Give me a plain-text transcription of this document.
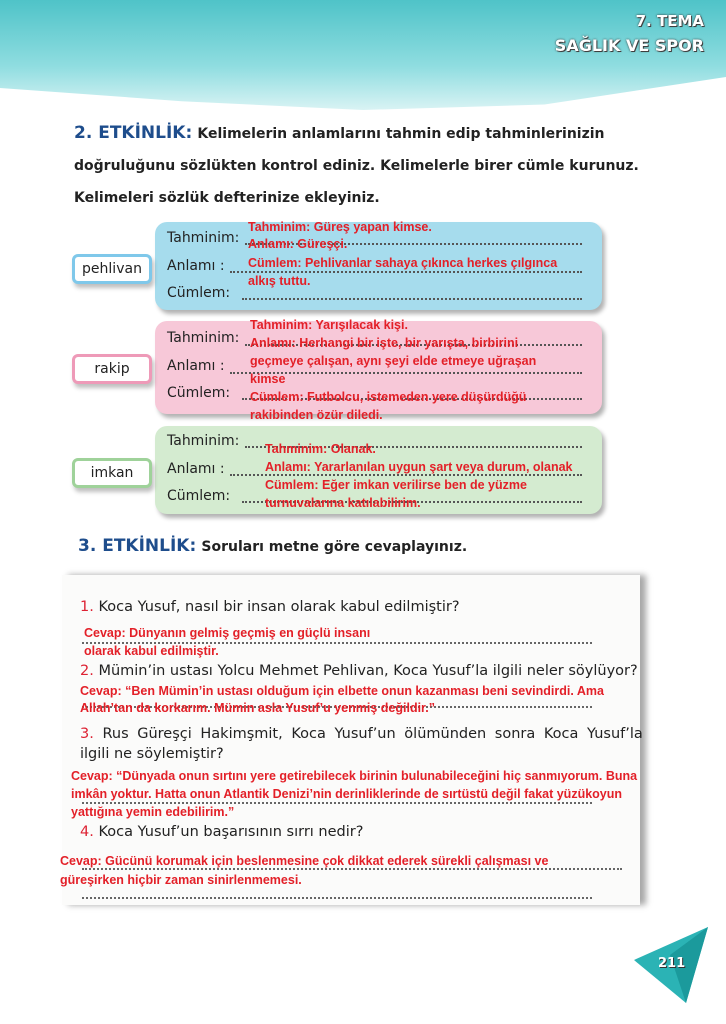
7. TEMA
SAĞLIK VE SPOR
2. ETKİNLİK: Kelimelerin anlamlarını tahmin edip tahminlerinizin
doğruluğunu sözlükten kontrol ediniz. Kelimelerle birer cümle kurunuz.
Kelimeleri sözlük defterinize ekleyiniz.
pehlivan
Tahminim:
Anlamı :
Cümlem:
Tahminim: Güreş yapan kimse.
Anlamı: Güreşçi.
Cümlem: Pehlivanlar sahaya çıkınca herkes çılgınca
alkış tuttu.
rakip
Tahminim:
Anlamı :
Cümlem:
Tahminim: Yarışılacak kişi.
Anlamı: Herhangi bir işte, bir yarışta, birbirini
geçmeye çalışan, aynı şeyi elde etmeye uğraşan
kimse
Cümlem: Futbolcu, istemeden yere düşürdüğü
rakibinden özür diledi.
imkan
Tahminim:
Anlamı :
Cümlem:
Tahminim: Olanak.
Anlamı: Yararlanılan uygun şart veya durum, olanak
Cümlem: Eğer imkan verilirse ben de yüzme
turnuvalarına katılabilirim.
3. ETKİNLİK: Soruları metne göre cevaplayınız.
1. Koca Yusuf, nasıl bir insan olarak kabul edilmiştir?
Cevap: Dünyanın gelmiş geçmiş en güçlü insanı
olarak kabul edilmiştir.
2. Mümin’in ustası Yolcu Mehmet Pehlivan, Koca Yusuf’la ilgili neler söylüyor?
Cevap: “Ben Mümin’in ustası olduğum için elbette onun kazanması beni sevindirdi. Ama
Allah’tan da korkarım. Mümin asla Yusuf’u yenmiş değildir.”
3. Rus Güreşçi Hakimşmit, Koca Yusuf’un ölümünden sonra Koca Yusuf’la
ilgili ne söylemiştir?
Cevap: “Dünyada onun sırtını yere getirebilecek birinin bulunabileceğini hiç sanmıyorum. Buna
imkân yoktur. Hatta onun Atlantik Denizi’nin derinliklerinde de sırtüstü değil fakat yüzükoyun
yattığına yemin edebilirim.”
4. Koca Yusuf’un başarısının sırrı nedir?
Cevap: Gücünü korumak için beslenmesine çok dikkat ederek sürekli çalışması ve
güreşirken hiçbir zaman sinirlenmemesi.
211
